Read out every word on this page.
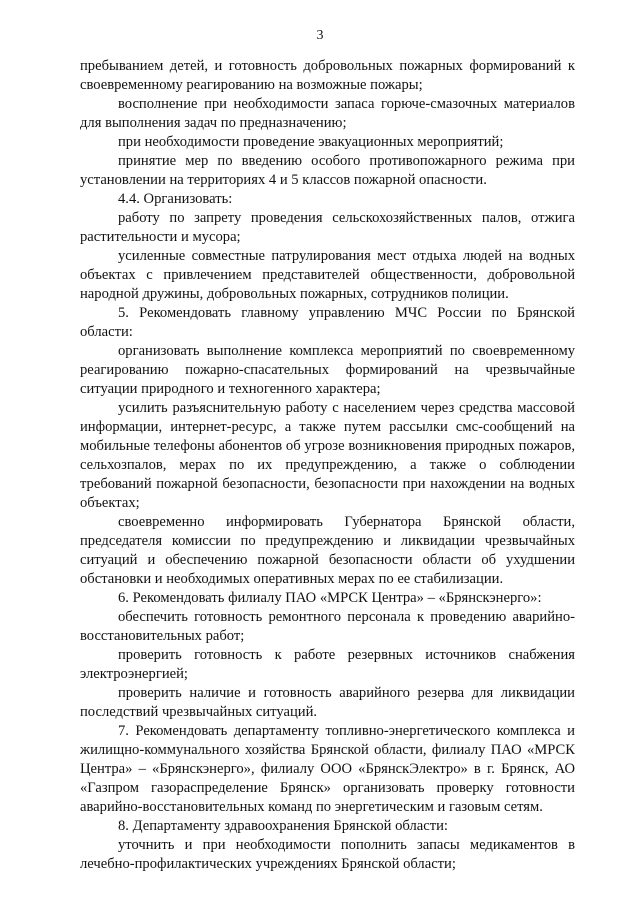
3

пребыванием детей, и готовность добровольных пожарных формирований к своевременному реагированию на возможные пожары;

восполнение при необходимости запаса горюче-смазочных материалов для выполнения задач по предназначению;

при необходимости проведение эвакуационных мероприятий;

принятие мер по введению особого противопожарного режима при установлении на территориях 4 и 5 классов пожарной опасности.

4.4. Организовать:

работу по запрету проведения сельскохозяйственных палов, отжига растительности и мусора;

усиленные совместные патрулирования мест отдыха людей на водных объектах с привлечением представителей общественности, добровольной народной дружины, добровольных пожарных, сотрудников полиции.

5. Рекомендовать главному управлению МЧС России по Брянской области:

организовать выполнение комплекса мероприятий по своевременному реагированию пожарно-спасательных формирований на чрезвычайные ситуации природного и техногенного характера;

усилить разъяснительную работу с населением через средства массовой информации, интернет-ресурс, а также путем рассылки смс-сообщений на мобильные телефоны абонентов об угрозе возникновения природных пожаров, сельхозпалов, мерах по их предупреждению, а также о соблюдении требований пожарной безопасности, безопасности при нахождении на водных объектах;

своевременно информировать Губернатора Брянской области, председателя комиссии по предупреждению и ликвидации чрезвычайных ситуаций и обеспечению пожарной безопасности области об ухудшении обстановки и необходимых оперативных мерах по ее стабилизации.

6. Рекомендовать филиалу ПАО «МРСК Центра» – «Брянскэнерго»:

обеспечить готовность ремонтного персонала к проведению аварийно-восстановительных работ;

проверить готовность к работе резервных источников снабжения электроэнергией;

проверить наличие и готовность аварийного резерва для ликвидации последствий чрезвычайных ситуаций.

7. Рекомендовать департаменту топливно-энергетического комплекса и жилищно-коммунального хозяйства Брянской области, филиалу ПАО «МРСК Центра» – «Брянскэнерго», филиалу ООО «БрянскЭлектро» в г. Брянск, АО «Газпром газораспределение Брянск» организовать проверку готовности аварийно-восстановительных команд по энергетическим и газовым сетям.

8. Департаменту здравоохранения Брянской области:

уточнить и при необходимости пополнить запасы медикаментов в лечебно-профилактических учреждениях Брянской области;
